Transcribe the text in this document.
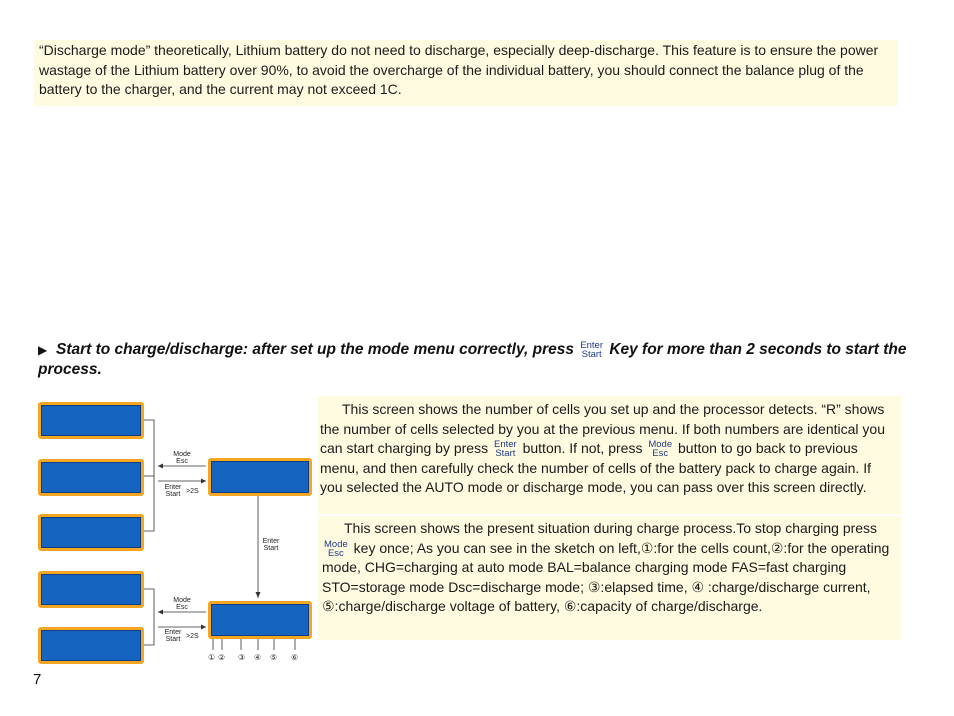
“Discharge mode” theoretically, Lithium battery do not need to discharge, especially deep-discharge. This feature is to ensure the power wastage of the Lithium battery over 90%, to avoid the overcharge of the individual battery, you should connect the balance plug of the battery to the charger, and the current may not exceed 1C.
▶ Start to charge/discharge: after set up the mode menu correctly, press Enter
Start Key for more than 2 seconds to start the process.
Mode
Esc
Enter
Start >2S
Enter
Start
Mode
Esc
Enter
Start >2S
① ② ③ ④ ⑤ ⑥
This screen shows the number of cells you set up and the processor detects. “R” shows the number of cells selected by you at the previous menu. If both numbers are identical you can start charging by press Enter
Start button. If not, press Mode
Esc button to go back to previous menu, and then carefully check the number of cells of the battery pack to charge again. If you selected the AUTO mode or discharge mode, you can pass over this screen directly.
This screen shows the present situation during charge process.To stop charging press
Mode
Esc key once; As you can see in the sketch on left,①:for the cells count,②:for the operating mode, CHG=charging at auto mode BAL=balance charging mode FAS=fast charging STO=storage mode Dsc=discharge mode; ③:elapsed time, ④ :charge/discharge current, ⑤:charge/discharge voltage of battery, ⑥:capacity of charge/discharge.
7
